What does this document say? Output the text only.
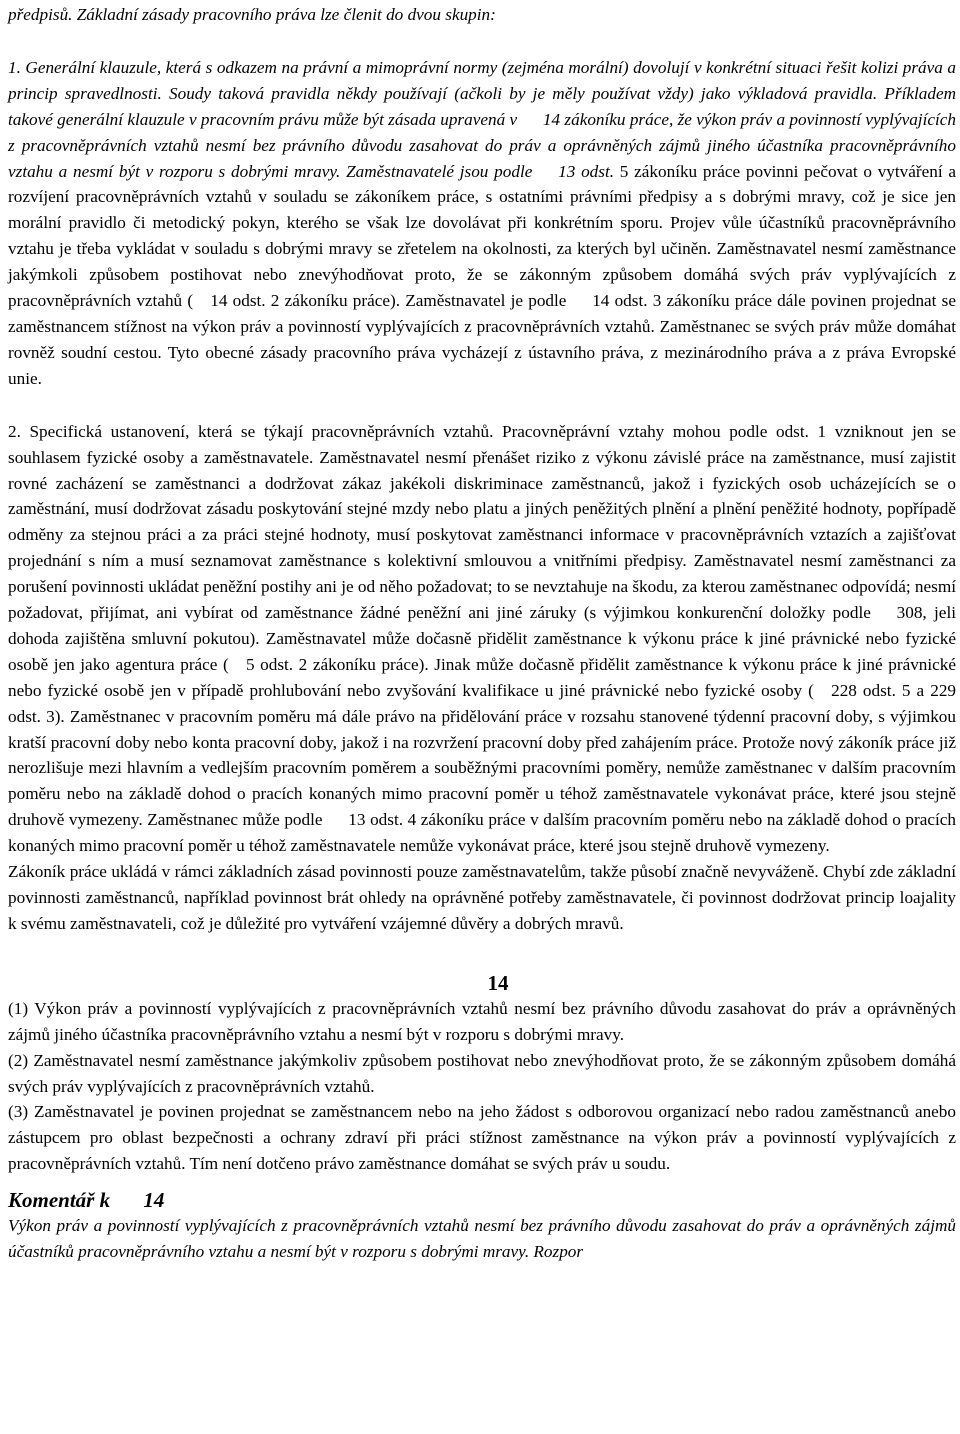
předpisů. Základní zásady pracovního práva lze členit do dvou skupin:

1. Generální klauzule, která s odkazem na právní a mimoprávní normy (zejména morální) dovolují v konkrétní situaci řešit kolizi práva a princip spravedlnosti. Soudy taková pravidla někdy používají (ačkoli by je měly používat vždy) jako výkladová pravidla. Příkladem takové generální klauzule v pracovním právu může být zásada upravená v   14 zákoníku práce, že výkon práv a povinností vyplývajících z pracovněprávních vztahů nesmí bez právního důvodu zasahovat do práv a oprávněných zájmů jiného účastníka pracovněprávního vztahu a nesmí být v rozporu s dobrými mravy. Zaměstnavatelé jsou podle   13 odst. 5 zákoníku práce povinni pečovat o vytváření a rozvíjení pracovněprávních vztahů v souladu se zákoníkem práce, s ostatními právními předpisy a s dobrými mravy, což je sice jen morální pravidlo či metodický pokyn, kterého se však lze dovolávat při konkrétním sporu. Projev vůle účastníků pracovněprávního vztahu je třeba vykládat v souladu s dobrými mravy se zřetelem na okolnosti, za kterých byl učiněn. Zaměstnavatel nesmí zaměstnance jakýmkoli způsobem postihovat nebo znevýhodňovat proto, že se zákonným způsobem domáhá svých práv vyplývajících z pracovněprávních vztahů (  14 odst. 2 zákoníku práce). Zaměstnavatel je podle   14 odst. 3 zákoníku práce dále povinen projednat se zaměstnancem stížnost na výkon práv a povinností vyplývajících z pracovněprávních vztahů. Zaměstnanec se svých práv může domáhat rovněž soudní cestou. Tyto obecné zásady pracovního práva vycházejí z ústavního práva, z mezinárodního práva a z práva Evropské unie.

2. Specifická ustanovení, která se týkají pracovněprávních vztahů. Pracovněprávní vztahy mohou podle odst. 1 vzniknout jen se souhlasem fyzické osoby a zaměstnavatele. Zaměstnavatel nesmí přenášet riziko z výkonu závislé práce na zaměstnance, musí zajistit rovné zacházení se zaměstnanci a dodržovat zákaz jakékoli diskriminace zaměstnanců, jakož i fyzických osob ucházejících se o zaměstnání, musí dodržovat zásadu poskytování stejné mzdy nebo platu a jiných peněžitých plnění a plnění peněžité hodnoty, popřípadě odměny za stejnou práci a za práci stejné hodnoty, musí poskytovat zaměstnanci informace v pracovněprávních vztazích a zajišťovat projednání s ním a musí seznamovat zaměstnance s kolektivní smlouvou a vnitřními předpisy. Zaměstnavatel nesmí zaměstnanci za porušení povinnosti ukládat peněžní postihy ani je od něho požadovat; to se nevztahuje na škodu, za kterou zaměstnanec odpovídá; nesmí požadovat, přijímat, ani vybírat od zaměstnance žádné peněžní ani jiné záruky (s výjimkou konkurenční doložky podle   308, jeli dohoda zajištěna smluvní pokutou). Zaměstnavatel může dočasně přidělit zaměstnance k výkonu práce k jiné právnické nebo fyzické osobě jen jako agentura práce (  5 odst. 2 zákoníku práce). Jinak může dočasně přidělit zaměstnance k výkonu práce k jiné právnické nebo fyzické osobě jen v případě prohlubování nebo zvyšování kvalifikace u jiné právnické nebo fyzické osoby (  228 odst. 5 a 229 odst. 3). Zaměstnanec v pracovním poměru má dále právo na přidělování práce v rozsahu stanovené týdenní pracovní doby, s výjimkou kratší pracovní doby nebo konta pracovní doby, jakož i na rozvržení pracovní doby před zahájením práce. Protože nový zákoník práce již nerozlišuje mezi hlavním a vedlejším pracovním poměrem a souběžnými pracovními poměry, nemůže zaměstnanec v dalším pracovním poměru nebo na základě dohod o pracích konaných mimo pracovní poměr u téhož zaměstnavatele vykonávat práce, které jsou stejně druhově vymezeny. Zaměstnanec může podle   13 odst. 4 zákoníku práce v dalším pracovním poměru nebo na základě dohod o pracích konaných mimo pracovní poměr u téhož zaměstnavatele nemůže vykonávat práce, které jsou stejně druhově vymezeny.

Zákoník práce ukládá v rámci základních zásad povinnosti pouze zaměstnavatelům, takže působí značně nevyváženě. Chybí zde základní povinnosti zaměstnanců, například povinnost brát ohledy na oprávněné potřeby zaměstnavatele, či povinnost dodržovat princip loajality k svému zaměstnavateli, což je důležité pro vytváření vzájemné důvěry a dobrých mravů.

14

(1) Výkon práv a povinností vyplývajících z pracovněprávních vztahů nesmí bez právního důvodu zasahovat do práv a oprávněných zájmů jiného účastníka pracovněprávního vztahu a nesmí být v rozporu s dobrými mravy.

(2) Zaměstnavatel nesmí zaměstnance jakýmkoliv způsobem postihovat nebo znevýhodňovat proto, že se zákonným způsobem domáhá svých práv vyplývajících z pracovněprávních vztahů.

(3) Zaměstnavatel je povinen projednat se zaměstnancem nebo na jeho žádost s odborovou organizací nebo radou zaměstnanců anebo zástupcem pro oblast bezpečnosti a ochrany zdraví při práci stížnost zaměstnance na výkon práv a povinností vyplývajících z pracovněprávních vztahů. Tím není dotčeno právo zaměstnance domáhat se svých práv u soudu.

Komentář k 14

Výkon práv a povinností vyplývajících z pracovněprávních vztahů nesmí bez právního důvodu zasahovat do práv a oprávněných zájmů účastníků pracovněprávního vztahu a nesmí být v rozporu s dobrými mravy. Rozpor
